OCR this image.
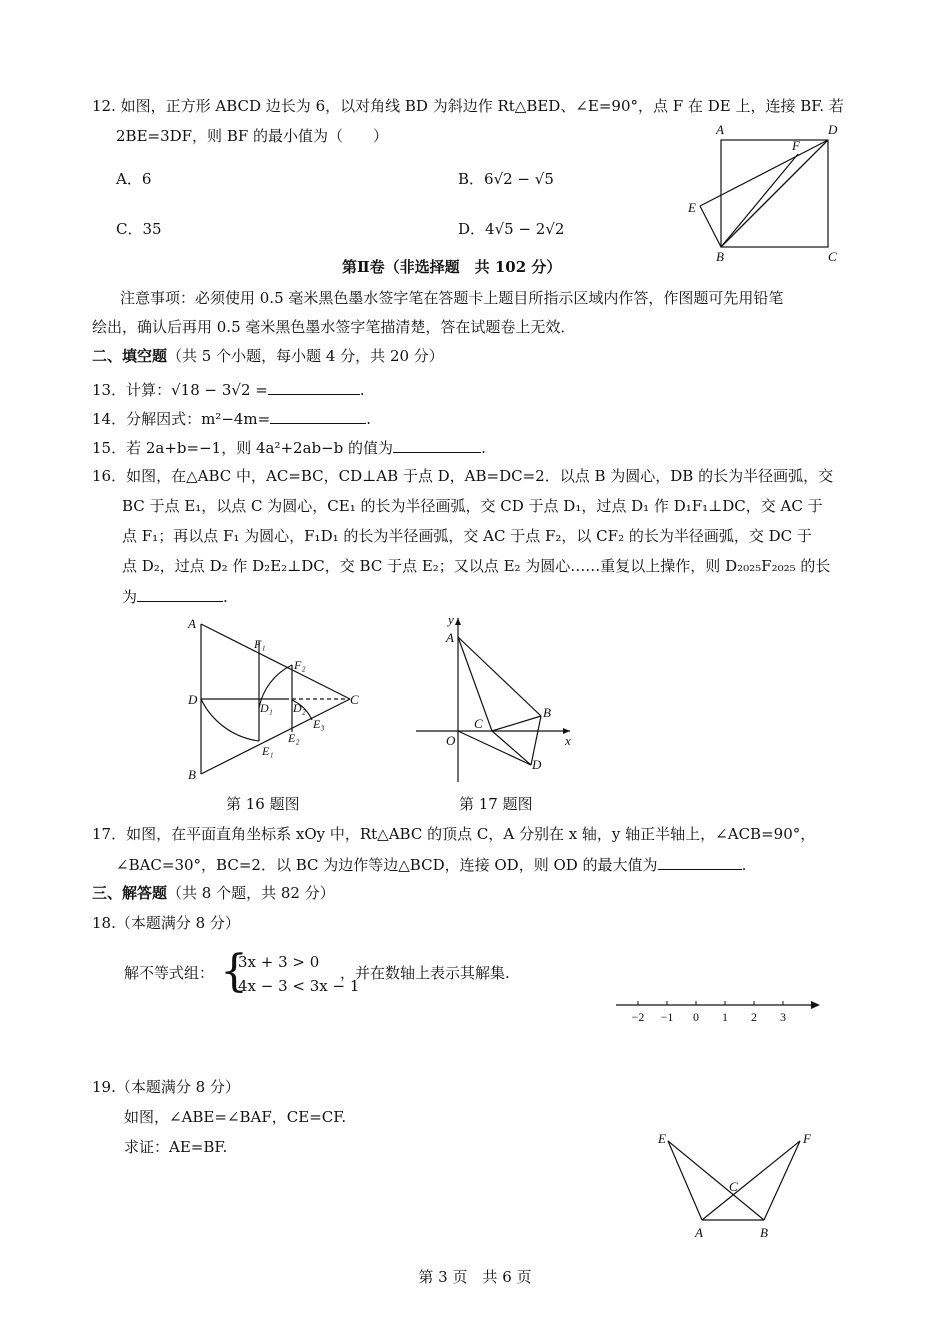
12. 如图，正方形 ABCD 边长为 6，以对角线 BD 为斜边作 Rt△BED、∠E=90°，点 F 在 DE 上，连接 BF. 若
2BE=3DF，则 BF 的最小值为（　　）
A．6	B．6√2 − √5
C．35	D．4√5 − 2√2
A	D
F
E
B	C
第Ⅱ卷（非选择题　共 102 分）
注意事项：必须使用 0.5 毫米黑色墨水签字笔在答题卡上题目所指示区域内作答，作图题可先用铅笔
绘出，确认后再用 0.5 毫米黑色墨水签字笔描清楚，答在试题卷上无效．
二、填空题（共 5 个小题，每小题 4 分，共 20 分）
13．计算：√18 − 3√2 =	.
14．分解因式：m²−4m=	.
15．若 2a+b=−1，则 4a²+2ab−b 的值为	.
16．如图，在△ABC 中，AC=BC，CD⊥AB 于点 D，AB=DC=2．以点 B 为圆心，DB 的长为半径画弧，交
BC 于点 E₁，以点 C 为圆心，CE₁ 的长为半径画弧，交 CD 于点 D₁，过点 D₁ 作 D₁F₁⊥DC，交 AC 于
点 F₁；再以点 F₁ 为圆心，F₁D₁ 的长为半径画弧，交 AC 于点 F₂，以 CF₂ 的长为半径画弧，交 DC 于
点 D₂，过点 D₂ 作 D₂E₂⊥DC，交 BC 于点 E₂；又以点 E₂ 为圆心……重复以上操作，则 D₂₀₂₅F₂₀₂₅ 的长
为	.
A
B
C
D
F₁
F₂
D₁ D₂
E₁
E₂
E₃
第 16 题图
y
x
A
B
C
O
D
第 17 题图
17．如图，在平面直角坐标系 xOy 中，Rt△ABC 的顶点 C，A 分别在 x 轴，y 轴正半轴上，∠ACB=90°，
∠BAC=30°，BC=2．以 BC 为边作等边△BCD，连接 OD，则 OD 的最大值为	.
三、解答题（共 8 个题，共 82 分）
18.（本题满分 8 分）
解不等式组： {
3x + 3 > 0
4x − 3 < 3x − 1
，并在数轴上表示其解集.
−2 −1 0 1 2 3
19.（本题满分 8 分）
如图，∠ABE=∠BAF，CE=CF.
求证：AE=BF.	E	F
C
A	B
第 3 页　共 6 页
